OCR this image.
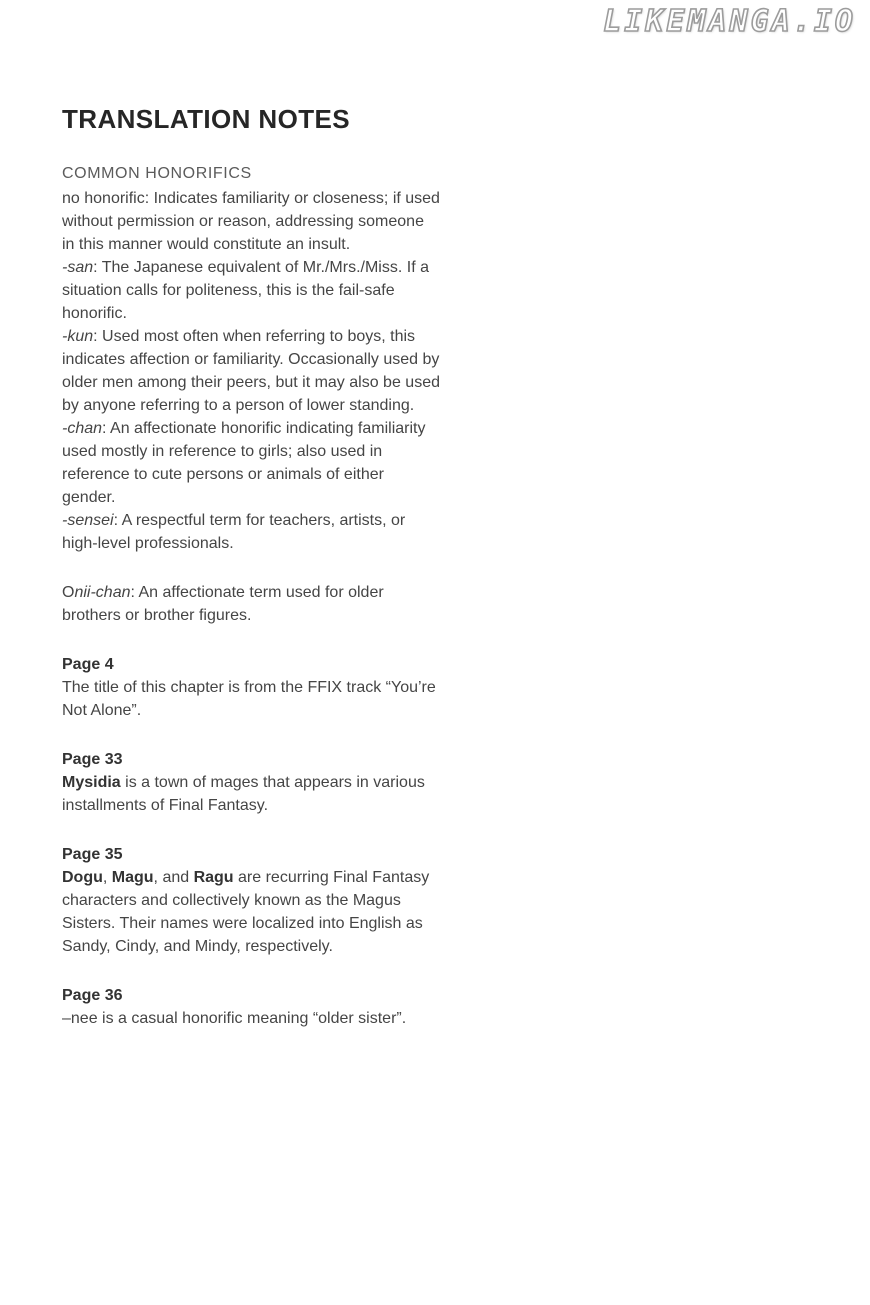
LIKEMANGA.IO
TRANSLATION NOTES
COMMON HONORIFICS

no honorific: Indicates familiarity or closeness; if used without permission or reason, addressing someone in this manner would constitute an insult.

-san: The Japanese equivalent of Mr./Mrs./Miss. If a situation calls for politeness, this is the fail-safe honorific.

-kun: Used most often when referring to boys, this indicates affection or familiarity. Occasionally used by older men among their peers, but it may also be used by anyone referring to a person of lower standing.

-chan: An affectionate honorific indicating familiarity used mostly in reference to girls; also used in reference to cute persons or animals of either gender.

-sensei: A respectful term for teachers, artists, or high-level professionals.

Onii-chan: An affectionate term used for older brothers or brother figures.

Page 4

The title of this chapter is from the FFIX track “You’re Not Alone”.

Page 33

Mysidia is a town of mages that appears in various installments of Final Fantasy.

Page 35

Dogu, Magu, and Ragu are recurring Final Fantasy characters and collectively known as the Magus Sisters. Their names were localized into English as Sandy, Cindy, and Mindy, respectively.

Page 36

–nee is a casual honorific meaning “older sister”.
